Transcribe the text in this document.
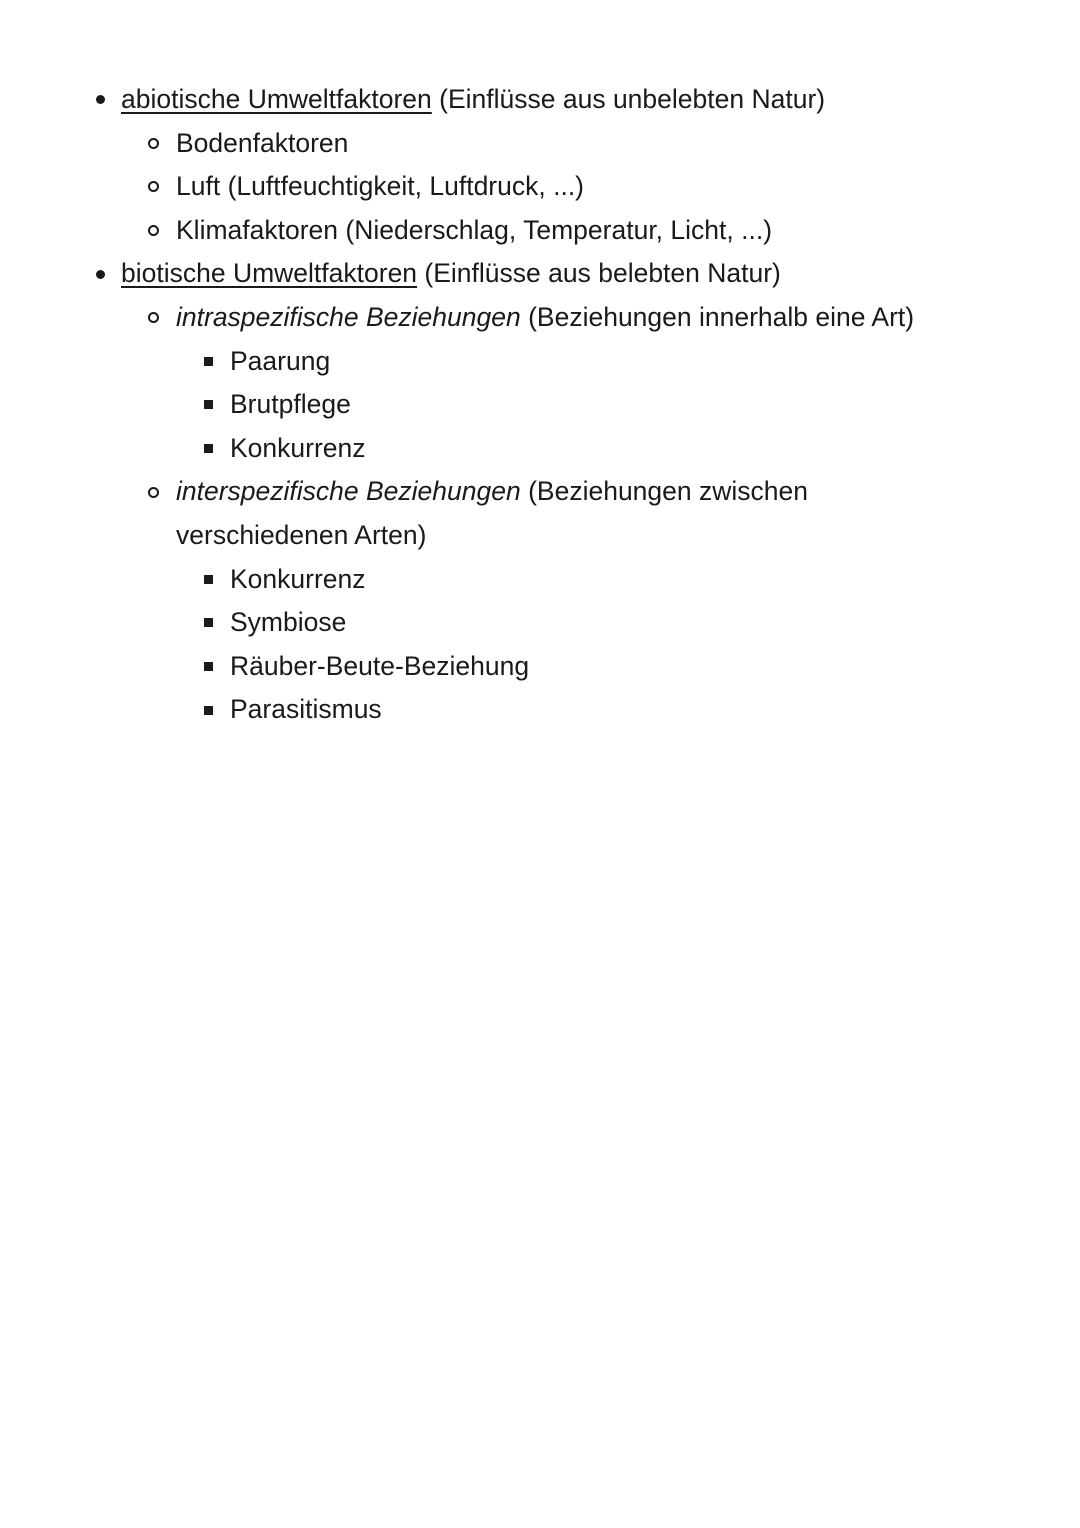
abiotische Umweltfaktoren (Einflüsse aus unbelebten Natur)
Bodenfaktoren
Luft (Luftfeuchtigkeit, Luftdruck, ...)
Klimafaktoren (Niederschlag, Temperatur, Licht, ...)
biotische Umweltfaktoren (Einflüsse aus belebten Natur)
intraspezifische Beziehungen (Beziehungen innerhalb eine Art)
Paarung
Brutpflege
Konkurrenz
interspezifische Beziehungen (Beziehungen zwischen
verschiedenen Arten)
Konkurrenz
Symbiose
Räuber-Beute-Beziehung
Parasitismus
